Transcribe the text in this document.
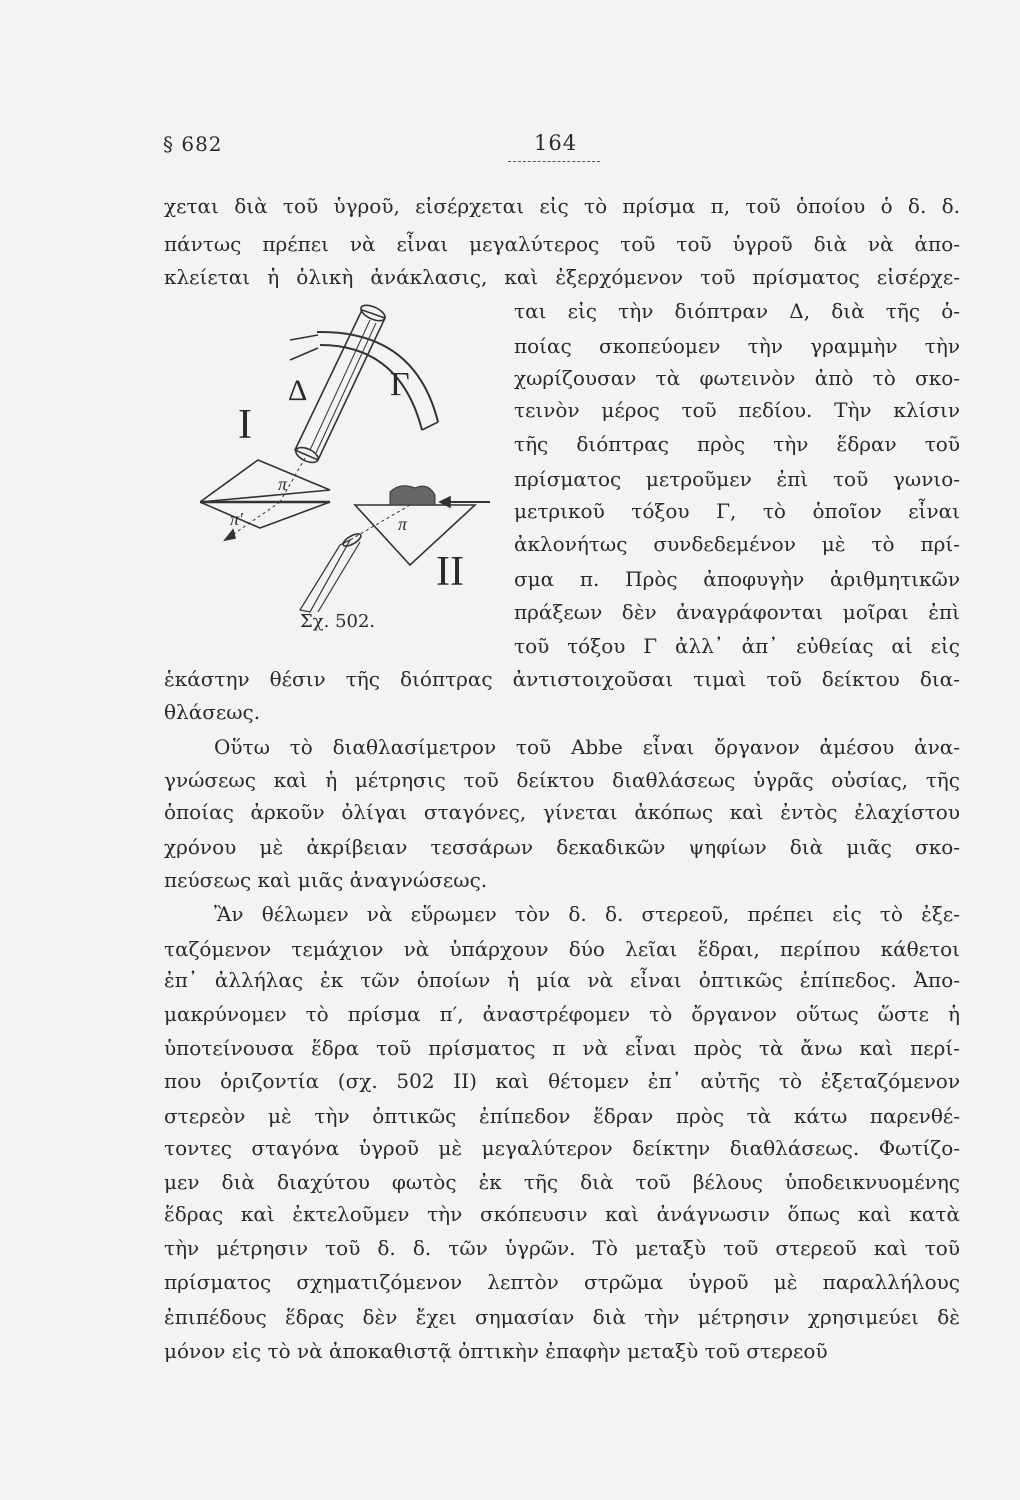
§ 682	164
χεται διὰ τοῦ ὑγροῦ, εἰσέρχεται εἰς τὸ πρίσμα π, τοῦ ὁποίου ὁ δ. δ.
πάντως πρέπει νὰ εἶναι μεγαλύτερος τοῦ τοῦ ὑγροῦ διὰ νὰ ἀπο-
κλείεται ἡ ὁλικὴ ἀνάκλασις, καὶ ἐξερχόμενον τοῦ πρίσματος εἰσέρχε-
ται εἰς τὴν διόπτραν Δ, διὰ τῆς ὁ-
ποίας σκοπεύομεν τὴν γραμμὴν τὴν
χωρίζουσαν τὰ φωτεινὸν ἀπὸ τὸ σκο-
τεινὸν μέρος τοῦ πεδίου. Τὴν κλίσιν
τῆς διόπτρας πρὸς τὴν ἕδραν τοῦ
πρίσματος μετροῦμεν ἐπὶ τοῦ γωνιο-
μετρικοῦ τόξου Γ, τὸ ὁποῖον εἶναι
ἀκλονήτως συνδεδεμένον μὲ τὸ πρί-
σμα π. Πρὸς ἀποφυγὴν ἀριθμητικῶν
πράξεων δὲν ἀναγράφονται μοῖραι ἐπὶ
τοῦ τόξου Γ ἀλλ᾽ ἀπ᾽ εὐθείας αἱ εἰς
ἑκάστην θέσιν τῆς διόπτρας ἀντιστοιχοῦσαι τιμαὶ τοῦ δείκτου δια-
θλάσεως.
Οὕτω τὸ διαθλασίμετρον τοῦ Abbe εἶναι ὄργανον ἀμέσου ἀνα-
γνώσεως καὶ ἡ μέτρησις τοῦ δείκτου διαθλάσεως ὑγρᾶς οὐσίας, τῆς
ὁποίας ἀρκοῦν ὀλίγαι σταγόνες, γίνεται ἀκόπως καὶ ἐντὸς ἐλαχίστου
χρόνου μὲ ἀκρίβειαν τεσσάρων δεκαδικῶν ψηφίων διὰ μιᾶς σκο-
πεύσεως καὶ μιᾶς ἀναγνώσεως.
Ἂν θέλωμεν νὰ εὕρωμεν τὸν δ. δ. στερεοῦ, πρέπει εἰς τὸ ἐξε-
ταζόμενον τεμάχιον νὰ ὑπάρχουν δύο λεῖαι ἕδραι, περίπου κάθετοι
ἐπ᾽ ἀλλήλας ἐκ τῶν ὁποίων ἡ μία νὰ εἶναι ὀπτικῶς ἐπίπεδος. Ἀπο-
μακρύνομεν τὸ πρίσμα π′, ἀναστρέφομεν τὸ ὄργανον οὕτως ὥστε ἡ
ὑποτείνουσα ἕδρα τοῦ πρίσματος π νὰ εἶναι πρὸς τὰ ἄνω καὶ περί-
που ὁριζοντία (σχ. 502 II) καὶ θέτομεν ἐπ᾽ αὐτῆς τὸ ἐξεταζόμενον
στερεὸν μὲ τὴν ὀπτικῶς ἐπίπεδον ἕδραν πρὸς τὰ κάτω παρενθέ-
τοντες σταγόνα ὑγροῦ μὲ μεγαλύτερον δείκτην διαθλάσεως. Φωτίζο-
μεν διὰ διαχύτου φωτὸς ἐκ τῆς διὰ τοῦ βέλους ὑποδεικνυομένης
ἕδρας καὶ ἐκτελοῦμεν τὴν σκόπευσιν καὶ ἀνάγνωσιν ὅπως καὶ κατὰ
τὴν μέτρησιν τοῦ δ. δ. τῶν ὑγρῶν. Τὸ μεταξὺ τοῦ στερεοῦ καὶ τοῦ
πρίσματος σχηματιζόμενον λεπτὸν στρῶμα ὑγροῦ μὲ παραλλήλους
ἐπιπέδους ἕδρας δὲν ἔχει σημασίαν διὰ τὴν μέτρησιν χρησιμεύει δὲ
μόνον εἰς τὸ νὰ ἀποκαθιστᾷ ὀπτικὴν ἐπαφὴν μεταξὺ τοῦ στερεοῦ
I
II
Δ Γ
π
π′	π
Σχ. 502.
